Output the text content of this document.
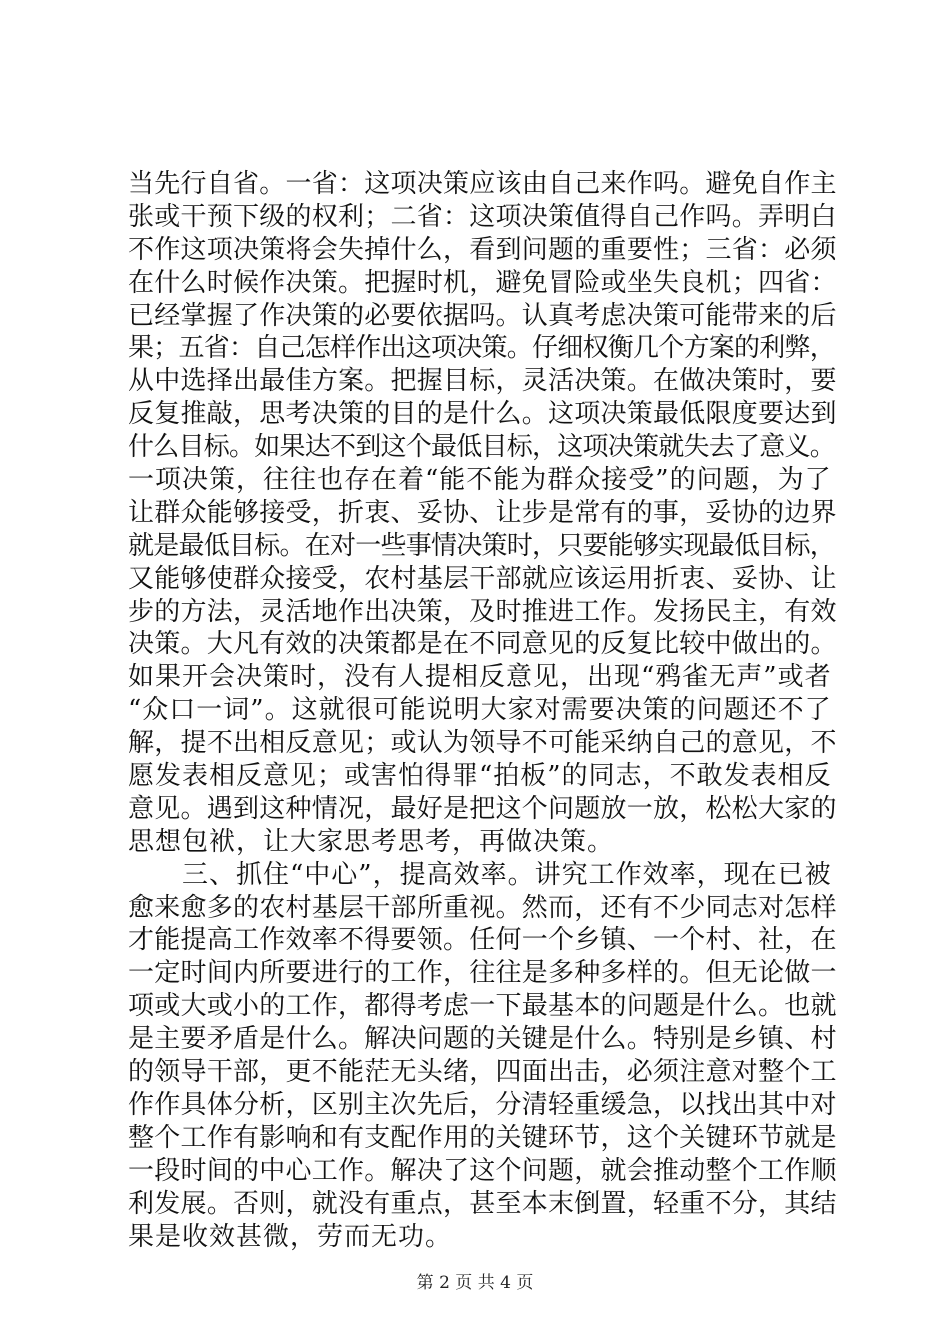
当先行自省。一省：这项决策应该由自己来作吗。避免自作主
张或干预下级的权利；二省：这项决策值得自己作吗。弄明白
不作这项决策将会失掉什么，看到问题的重要性；三省：必须
在什么时候作决策。把握时机，避免冒险或坐失良机；四省：
已经掌握了作决策的必要依据吗。认真考虑决策可能带来的后
果；五省：自己怎样作出这项决策。仔细权衡几个方案的利弊，
从中选择出最佳方案。把握目标，灵活决策。在做决策时，要
反复推敲，思考决策的目的是什么。这项决策最低限度要达到
什么目标。如果达不到这个最低目标，这项决策就失去了意义。
一项决策，往往也存在着“能不能为群众接受”的问题，为了
让群众能够接受，折衷、妥协、让步是常有的事，妥协的边界
就是最低目标。在对一些事情决策时，只要能够实现最低目标，
又能够使群众接受，农村基层干部就应该运用折衷、妥协、让
步的方法，灵活地作出决策，及时推进工作。发扬民主，有效
决策。大凡有效的决策都是在不同意见的反复比较中做出的。
如果开会决策时，没有人提相反意见，出现“鸦雀无声”或者
“众口一词”。这就很可能说明大家对需要决策的问题还不了
解，提不出相反意见；或认为领导不可能采纳自己的意见，不
愿发表相反意见；或害怕得罪“拍板”的同志，不敢发表相反
意见。遇到这种情况，最好是把这个问题放一放，松松大家的
思想包袱，让大家思考思考，再做决策。
　　三、抓住“中心”，提高效率。讲究工作效率，现在已被
愈来愈多的农村基层干部所重视。然而，还有不少同志对怎样
才能提高工作效率不得要领。任何一个乡镇、一个村、社，在
一定时间内所要进行的工作，往往是多种多样的。但无论做一
项或大或小的工作，都得考虑一下最基本的问题是什么。也就
是主要矛盾是什么。解决问题的关键是什么。特别是乡镇、村
的领导干部，更不能茫无头绪，四面出击，必须注意对整个工
作作具体分析，区别主次先后，分清轻重缓急，以找出其中对
整个工作有影响和有支配作用的关键环节，这个关键环节就是
一段时间的中心工作。解决了这个问题，就会推动整个工作顺
利发展。否则，就没有重点，甚至本末倒置，轻重不分，其结
果是收效甚微，劳而无功。
第 2 页 共 4 页
